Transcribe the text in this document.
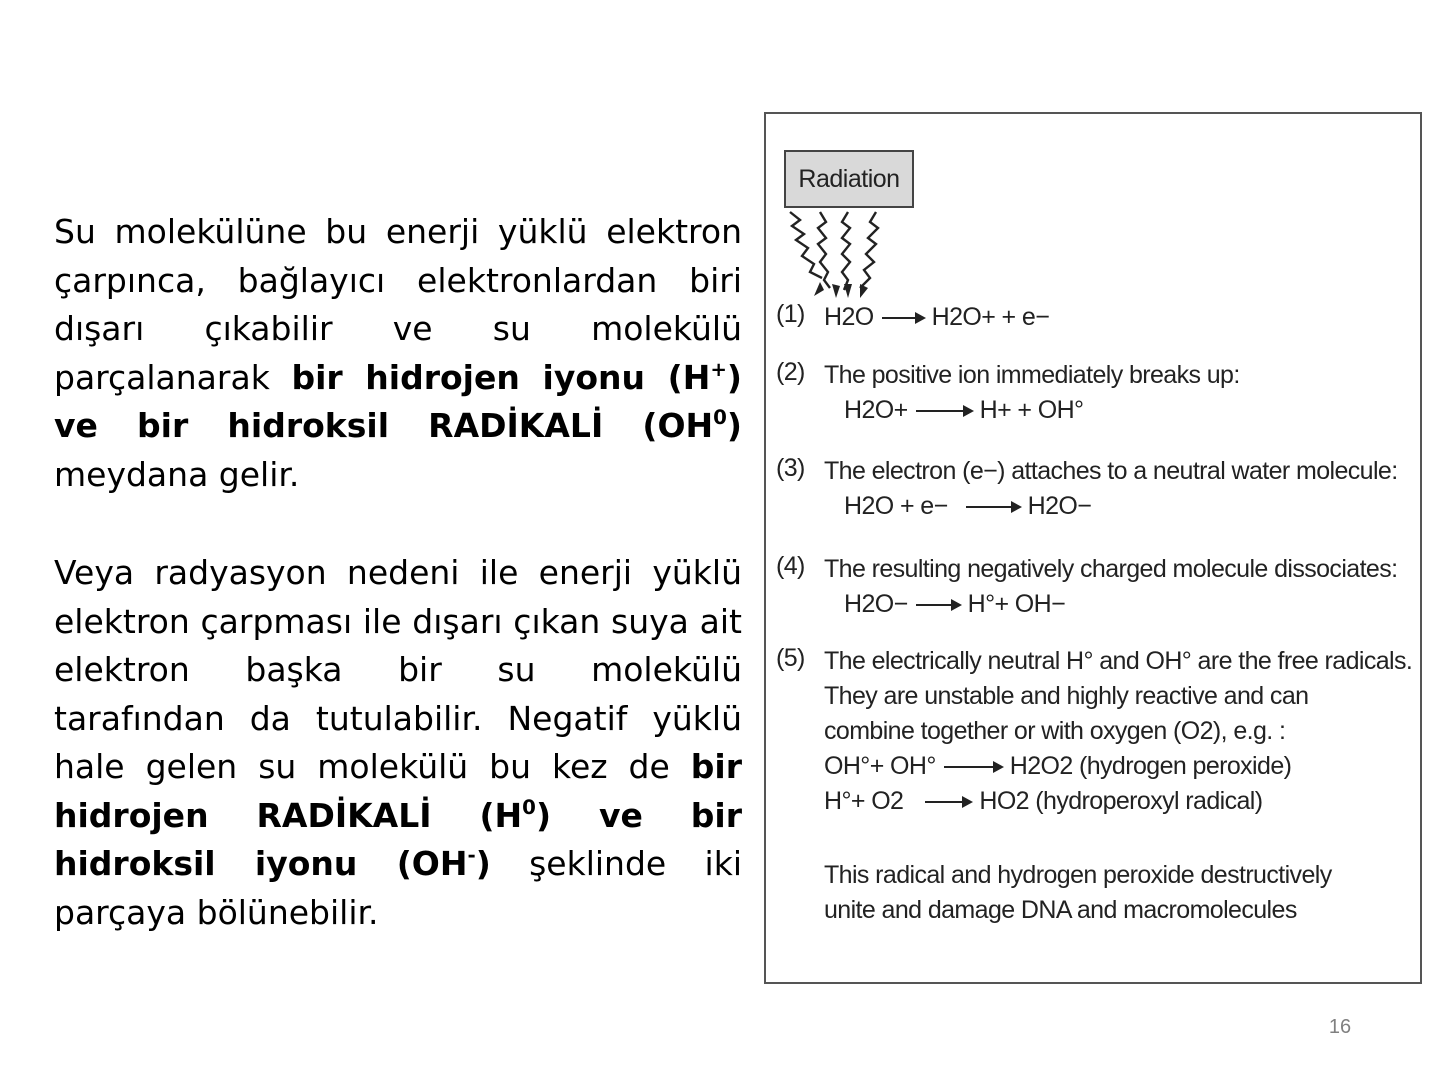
Su molekülüne bu enerji yüklü elektron çarpınca, bağlayıcı elektronlardan biri dışarı çıkabilir ve su molekülü parçalanarak bir hidrojen iyonu (H+) ve bir hidroksil RADİKALİ $(OH^0)$ meydana gelir.

Veya radyasyon nedeni ile enerji yüklü elektron çarpması ile dışarı çıkan suya ait elektron başka bir su molekülü tarafından da tutulabilir. Negatif yüklü hale gelen su molekülü bu kez de bir hidrojen RADİKALİ $(H^0)$ ve bir hidroksil iyonu (OH-) şeklinde iki parçaya bölünebilir.

Radiation
(1) H2O → H2O+ + e−
(2) The positive ion immediately breaks up:
H2O+ → H+ + OH°
(3) The electron (e−) attaches to a neutral water molecule:
H2O + e− → H2O−
(4) The resulting negatively charged molecule dissociates:
H2O− → H°+ OH−
(5) The electrically neutral H° and OH° are the free radicals.
They are unstable and highly reactive and can
combine together or with oxygen (O2), e.g. :
OH°+ OH° → H2O2 (hydrogen peroxide)
H°+ O2 → HO2 (hydroperoxyl radical)
This radical and hydrogen peroxide destructively
unite and damage DNA and macromolecules
16
